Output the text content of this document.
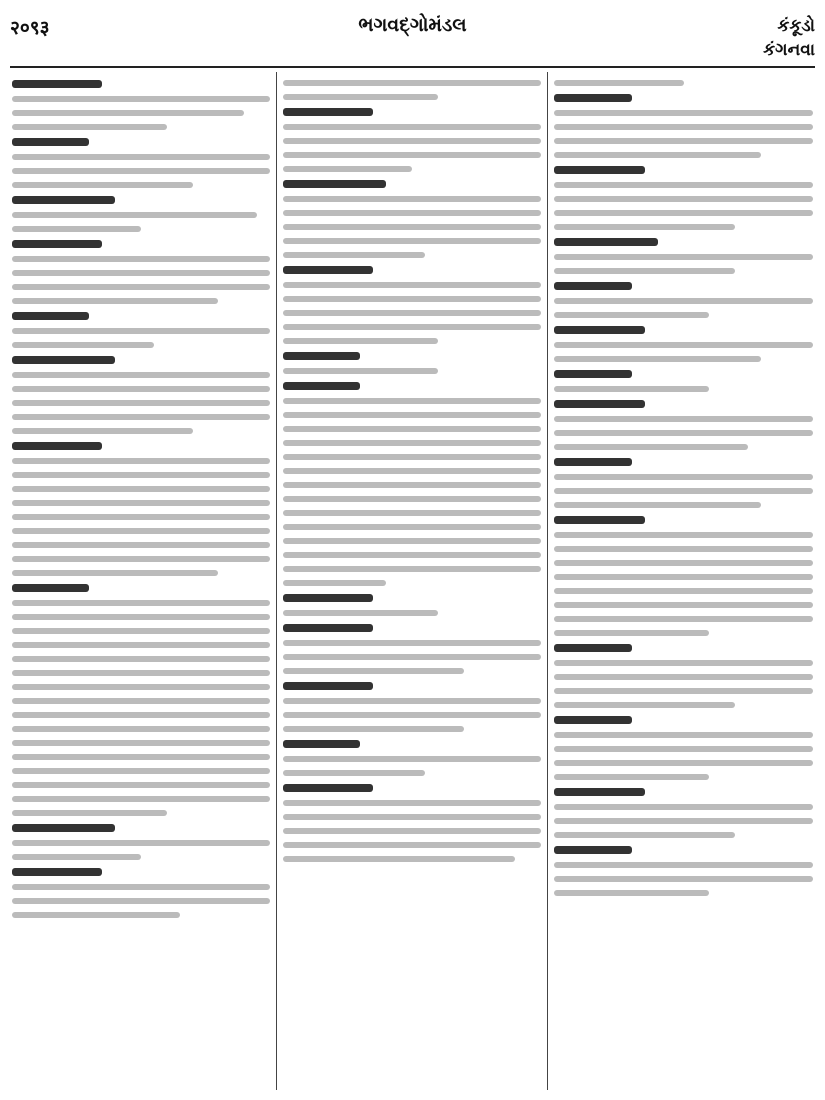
२०९३	ભગવદ્ગોમંડલ	કંકૂડો
કંગનવા
